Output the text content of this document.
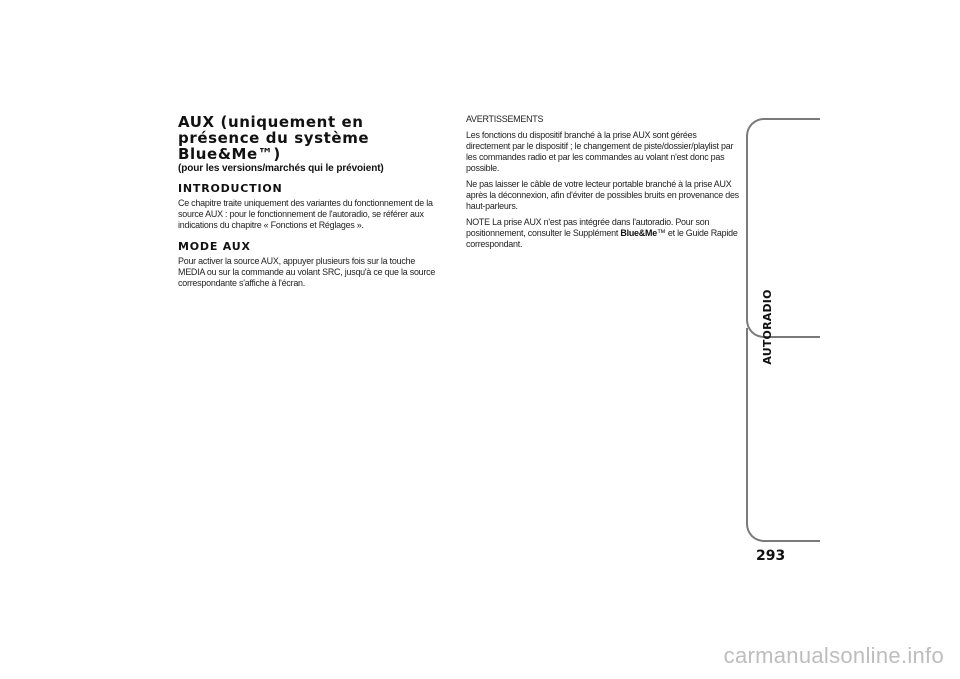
AUX (uniquement en présence du système Blue&Me™)
(pour les versions/marchés qui le prévoient)
INTRODUCTION

Ce chapitre traite uniquement des variantes du fonctionnement de la source AUX : pour le fonctionnement de l'autoradio, se référer aux indications du chapitre « Fonctions et Réglages ».

MODE AUX

Pour activer la source AUX, appuyer plusieurs fois sur la touche MEDIA ou sur la commande au volant SRC, jusqu'à ce que la source correspondante s'affiche à l'écran.

AVERTISSEMENTS

Les fonctions du dispositif branché à la prise AUX sont gérées directement par le dispositif ; le changement de piste/dossier/playlist par les commandes radio et par les commandes au volant n'est donc pas possible.

Ne pas laisser le câble de votre lecteur portable branché à la prise AUX après la déconnexion, afin d'éviter de possibles bruits en provenance des haut-parleurs.

NOTE La prise AUX n'est pas intégrée dans l'autoradio. Pour son positionnement, consulter le Supplément Blue&Me™ et le Guide Rapide correspondant.

AUTORADIO
293
carmanualsonline.info
